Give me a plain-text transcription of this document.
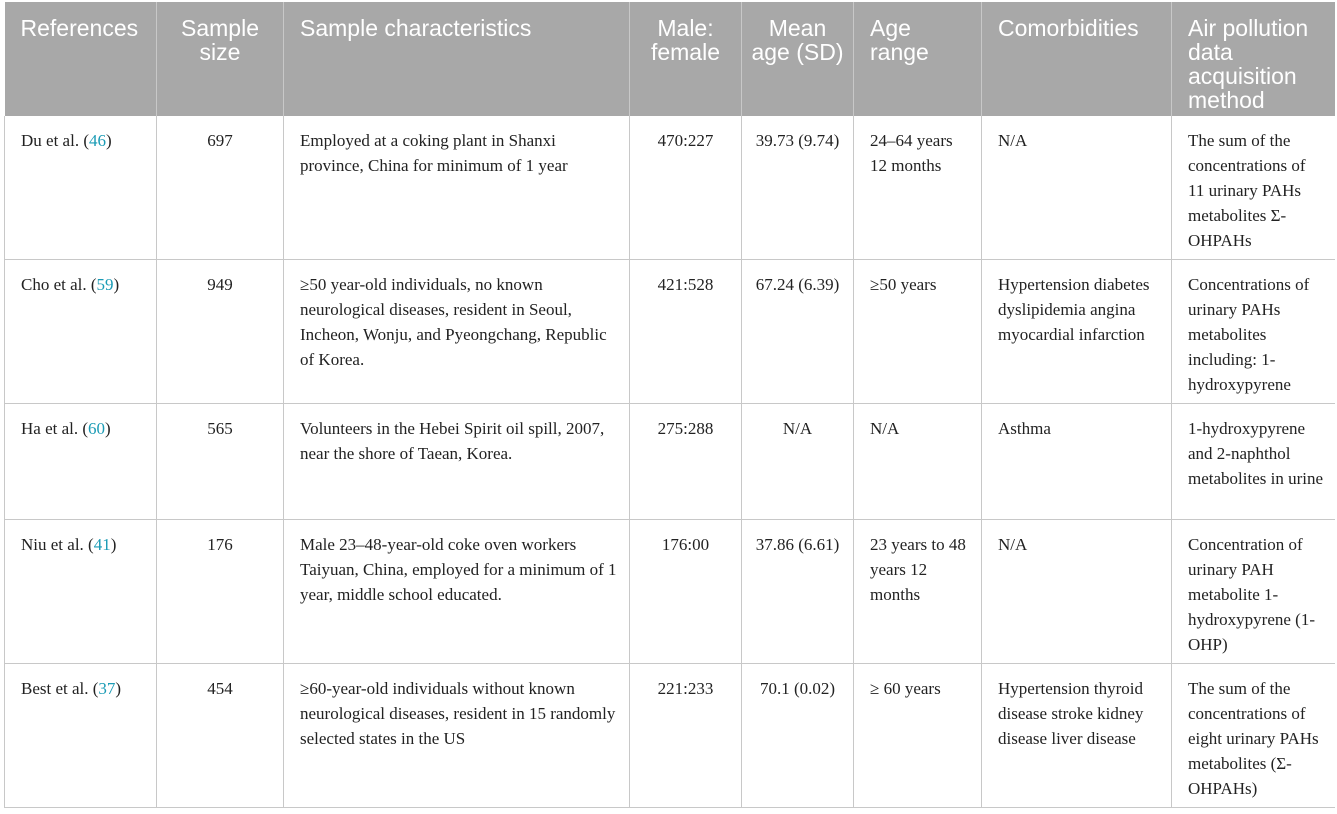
References	Sample size	Sample characteristics	Male: female	Mean age (SD)	Age range	Comorbidities	Air pollution data acquisition method
Du et al. (46)	697	Employed at a coking plant in Shanxi province, China for minimum of 1 year	470:227	39.73 (9.74)	24–64 years 12 months	N/A	The sum of the concentrations of 11 urinary PAHs metabolites Σ-OHPAHs
Cho et al. (59)	949	≥50 year-old individuals, no known neurological diseases, resident in Seoul, Incheon, Wonju, and Pyeongchang, Republic of Korea.	421:528	67.24 (6.39)	≥50 years	Hypertension diabetes dyslipidemia angina myocardial infarction	Concentrations of urinary PAHs metabolites including: 1-hydroxypyrene
Ha et al. (60)	565	Volunteers in the Hebei Spirit oil spill, 2007, near the shore of Taean, Korea.	275:288	N/A	N/A	Asthma	1-hydroxypyrene and 2-naphthol metabolites in urine
Niu et al. (41)	176	Male 23–48-year-old coke oven workers Taiyuan, China, employed for a minimum of 1 year, middle school educated.	176:00	37.86 (6.61)	23 years to 48 years 12 months	N/A	Concentration of urinary PAH metabolite 1-hydroxypyrene (1-OHP)
Best et al. (37)	454	≥60-year-old individuals without known neurological diseases, resident in 15 randomly selected states in the US	221:233	70.1 (0.02)	≥ 60 years	Hypertension thyroid disease stroke kidney disease liver disease	The sum of the concentrations of eight urinary PAHs metabolites (Σ-OHPAHs)
